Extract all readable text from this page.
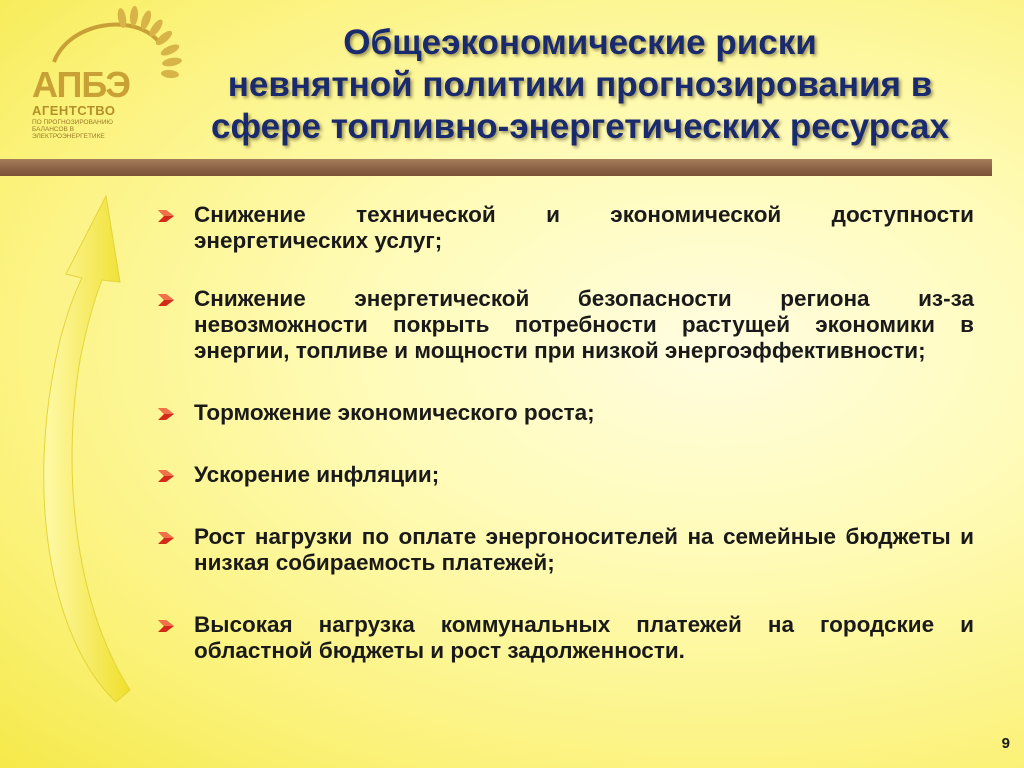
АПБЭ
АГЕНТСТВО
ПО ПРОГНОЗИРОВАНИЮ БАЛАНСОВ В ЭЛЕКТРОЭНЕРГЕТИКЕ
Общеэкономические риски
невнятной политики прогнозирования в
сфере топливно-энергетических ресурсах
Снижение технической и экономической доступности энергетических услуг;
Снижение энергетической безопасности региона из-за невозможности покрыть потребности растущей экономики в энергии, топливе и мощности при низкой энергоэффективности;
Торможение экономического роста;
Ускорение инфляции;
Рост нагрузки по оплате энергоносителей на семейные бюджеты и низкая собираемость платежей;
Высокая нагрузка коммунальных платежей на городские и областной бюджеты и рост задолженности.
9
